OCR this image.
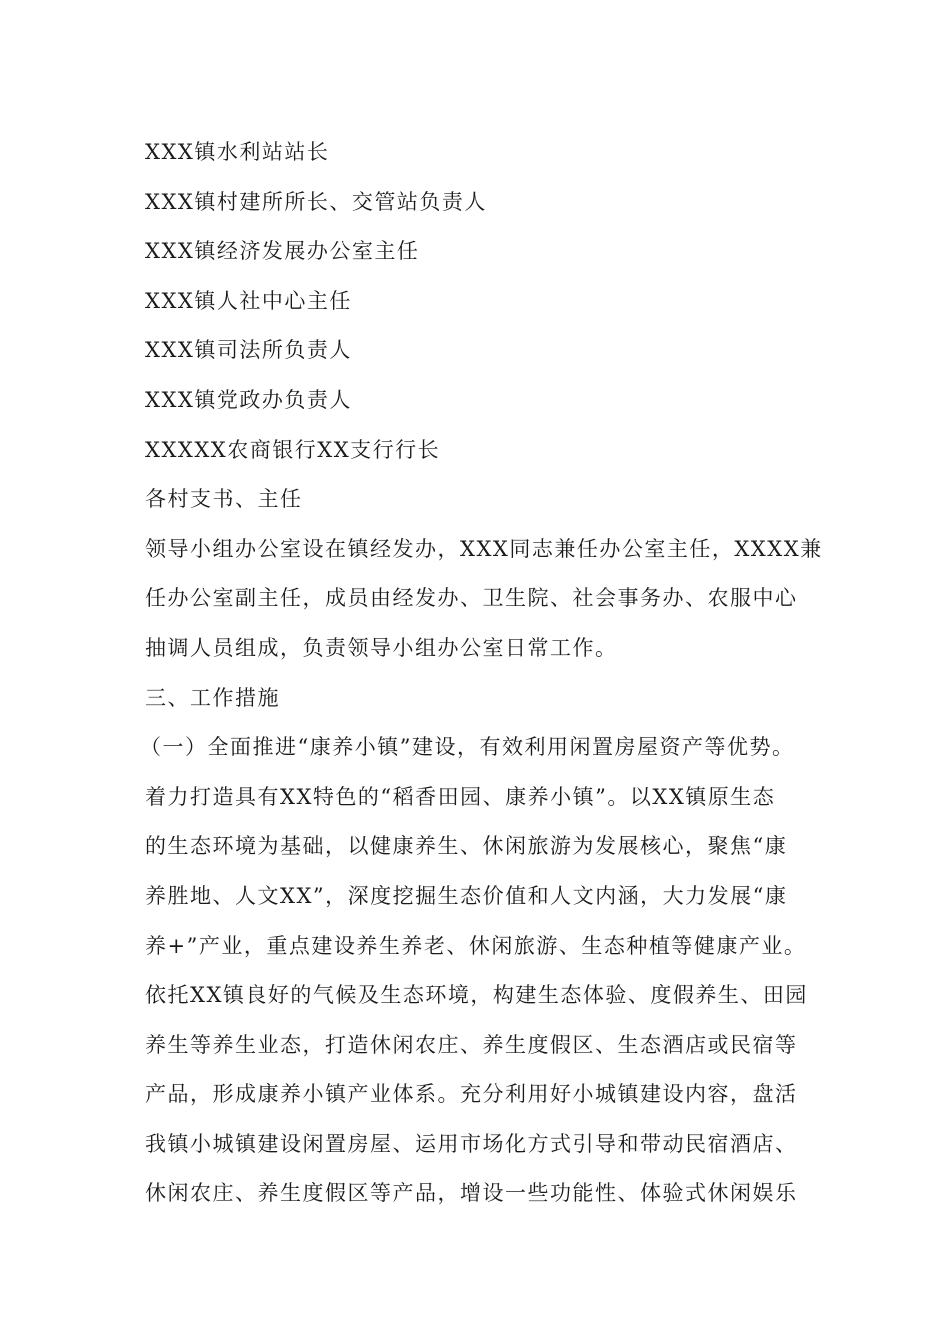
XXX镇水利站站长
XXX镇村建所所长、交管站负责人
XXX镇经济发展办公室主任
XXX镇人社中心主任
XXX镇司法所负责人
XXX镇党政办负责人
XXXXX农商银行XX支行行长
各村支书、主任
领导小组办公室设在镇经发办，XXX同志兼任办公室主任，XXXX兼
任办公室副主任，成员由经发办、卫生院、社会事务办、农服中心
抽调人员组成，负责领导小组办公室日常工作。
三、工作措施
（一）全面推进“康养小镇”建设，有效利用闲置房屋资产等优势。
着力打造具有XX特色的“稻香田园、康养小镇”。以XX镇原生态
的生态环境为基础，以健康养生、休闲旅游为发展核心，聚焦“康
养胜地、人文XX”，深度挖掘生态价值和人文内涵，大力发展“康
养+”产业，重点建设养生养老、休闲旅游、生态种植等健康产业。
依托XX镇良好的气候及生态环境，构建生态体验、度假养生、田园
养生等养生业态，打造休闲农庄、养生度假区、生态酒店或民宿等
产品，形成康养小镇产业体系。充分利用好小城镇建设内容，盘活
我镇小城镇建设闲置房屋、运用市场化方式引导和带动民宿酒店、
休闲农庄、养生度假区等产品，增设一些功能性、体验式休闲娱乐
